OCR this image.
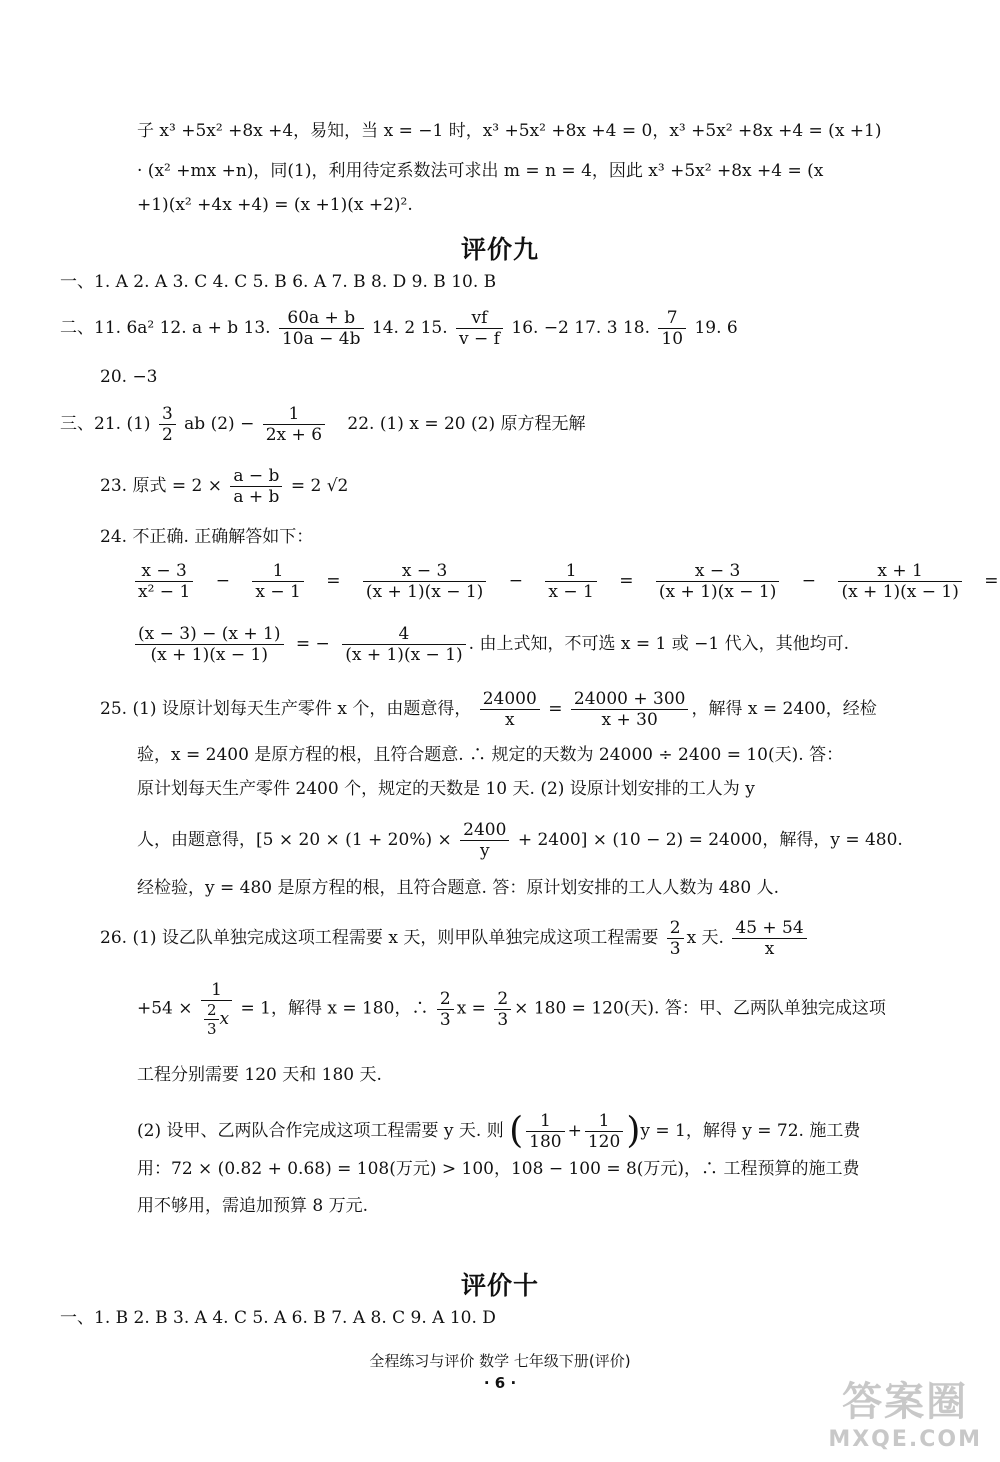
子 x³ +5x² +8x +4，易知，当 x = −1 时，x³ +5x² +8x +4 = 0，x³ +5x² +8x +4 = (x +1)
· (x² +mx +n)，同(1)，利用待定系数法可求出 m = n = 4，因此 x³ +5x² +8x +4 = (x
+1)(x² +4x +4) = (x +1)(x +2)².
评价九
一、1. A 2. A 3. C 4. C 5. B 6. A 7. B 8. D 9. B 10. B
二、11. 6a² 12. a + b 13. $\frac{60a + b}{10a - 4b} 14$. 2 15. $\frac{vf}{v - f} 16$. −2 17. 3 18. $\frac{7}{10} 19$. 6
20. −3
三、21. $(1) \frac{3}{2}$ ab $(2) - \frac{1}{2x + 6} 22$. (1) x = 20 (2) 原方程无解
23. 原式 = $2 \times \frac{a - b}{a + b} = 2$ √2
24. 不正确. 正确解答如下：
$\frac{x - 3}{\text{x² − 1}} - \frac{1}{x - 1} = \frac{x - 3}{(x + 1)(x - 1)} - \frac{1}{x - 1} = \frac{x - 3}{(x + 1)(x - 1)} - \frac{x + 1}{(x + 1)(x - 1)}$ =
$\frac{(x - 3) - (x + 1)}{(x + 1)(x - 1)}$ = − $\frac{4}{(x + 1)(x - 1)}$ . 由上式知，不可选 x = 1 或 −1 代入，其他均可.
25. (1) 设原计划每天生产零件 x 个，由题意得， $\frac{24000}{x} = \frac{24000 + 300}{x + 30}$ ，解得 x = 2400，经检
验，x = 2400 是原方程的根，且符合题意. ∴ 规定的天数为 24000 ÷ 2400 = 10(天). 答：
原计划每天生产零件 2400 个，规定的天数是 10 天. (2) 设原计划安排的工人为 y
人，由题意得，$[5 \times 20 \times (1 + 20\%) \times \frac{2400}{y} + 2400] \times (10 - 2) = 24000$，解得，y = 480.
经检验，y = 480 是原方程的根，且符合题意. 答：原计划安排的工人人数为 480 人.
26. (1) 设乙队单独完成这项工程需要 x 天，则甲队单独完成这项工程需要 $\frac{2}{3}$ x 天. $\frac{45 + 54}{x}$
$+54 \times \frac{1}{\frac{2}{3} x} = 1$，解得 x = 180，∴ $\frac{2}{3}$ $x = \frac{2}{3} \times 180 = 120$(天). 答：甲、乙两队单独完成这项
工程分别需要 120 天和 180 天.
(2) 设甲、乙两队合作完成这项工程需要 y 天. 则 ( $\frac{1}{180} + \frac{1}{120} )y = 1$，解得 y = 72. 施工费
用：72 × (0.82 + 0.68) = 108(万元) > 100，108 − 100 = 8(万元)，∴ 工程预算的施工费
用不够用，需追加预算 8 万元.
评价十
一、1. B 2. B 3. A 4. C 5. A 6. B 7. A 8. C 9. A 10. D
全程练习与评价 数学 七年级下册(评价)
· 6 ·	答案圈
MXQE.COM
